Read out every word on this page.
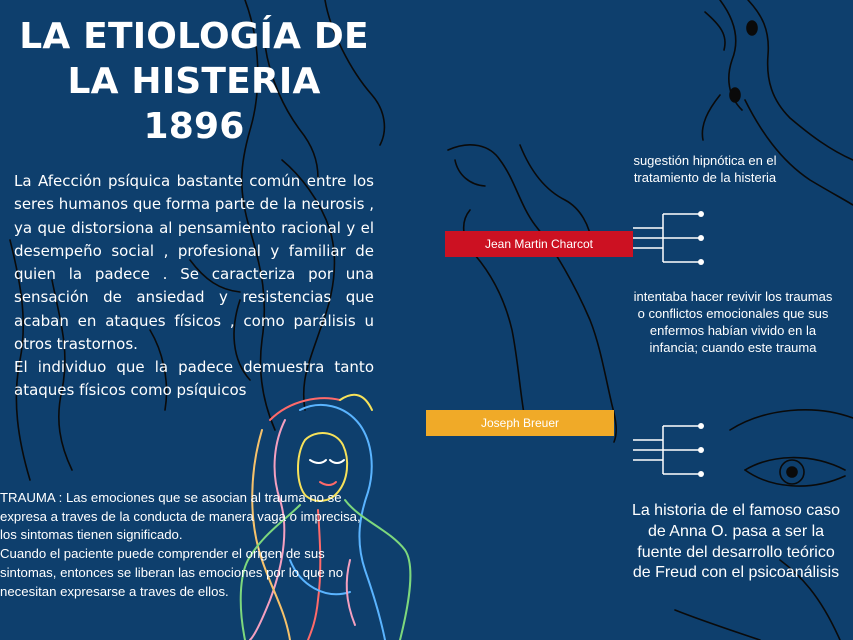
LA ETIOLOGÍA DE
LA HISTERIA 1896

La Afección psíquica bastante común entre los seres humanos que forma parte de la neurosis , ya que distorsiona al pensamiento racional y el desempeño social , profesional y familiar de quien la padece . Se caracteriza por una sensación de ansiedad y resistencias que acaban en ataques físicos , como parálisis u otros trastornos.

El individuo que la padece demuestra tanto ataques físicos como psíquicos

TRAUMA : Las emociones que se asocian al trauma no se expresa a traves de la conducta de manera vaga o imprecisa, los sintomas tienen significado.

Cuando el paciente puede comprender el origen de sus sintomas, entonces se liberan las emociones por lo que no necesitan expresarse a traves de ellos.

Jean Martin Charcot
Joseph Breuer

sugestión hipnótica en el tratamiento de la histeria

intentaba hacer revivir los traumas o conflictos emocionales que sus enfermos habían vivido en la infancia; cuando este trauma

La historia de el famoso caso de Anna O. pasa a ser la fuente del desarrollo teórico de Freud con el psicoanálisis
